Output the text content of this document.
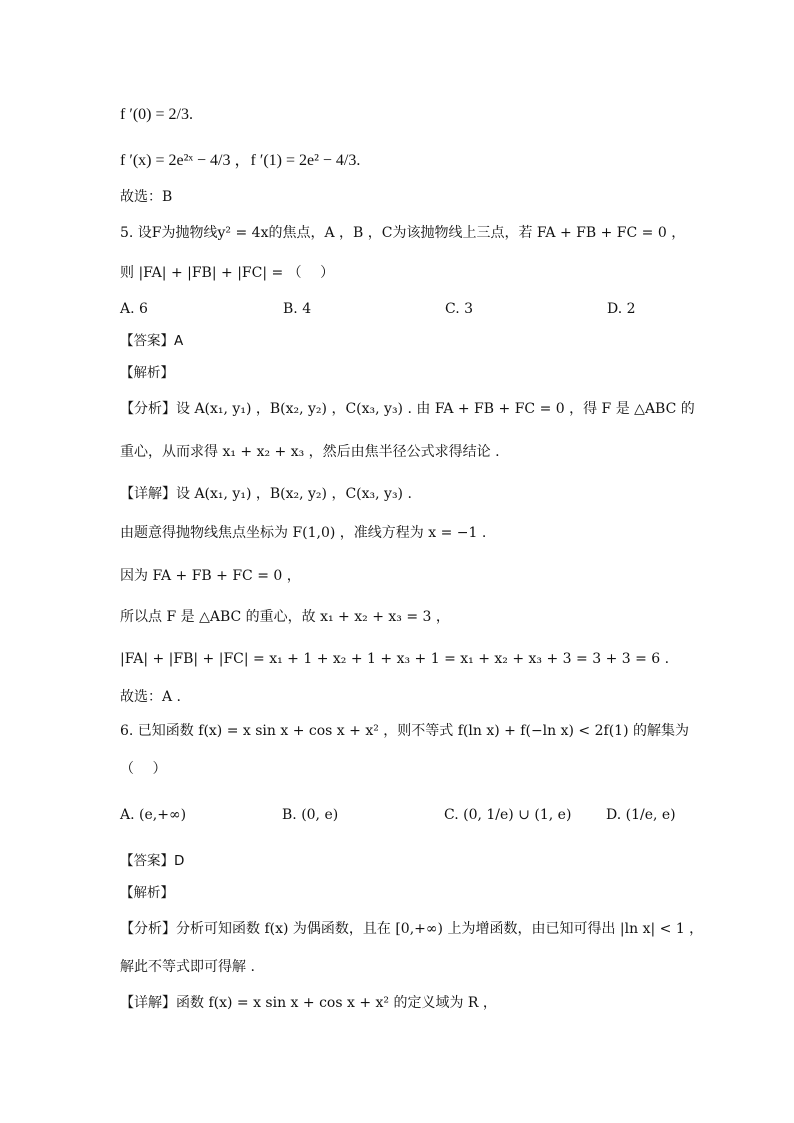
f ′(0) = 2/3.
f ′(x) = 2e²ˣ − 4/3 ，f ′(1) = 2e² − 4/3.
故选：B
5. 设F为抛物线y² = 4x的焦点，A ，B ，C为该抛物线上三点，若 FA + FB + FC = 0 ，
则 |FA| + |FB| + |FC| = （　 ）
A. 6	B. 4	C. 3	D. 2
【答案】A
【解析】
【分析】设 A(x₁, y₁) ，B(x₂, y₂) ，C(x₃, y₃) . 由 FA + FB + FC = 0 ，得 F 是 △ABC 的
重心，从而求得 x₁ + x₂ + x₃ ，然后由焦半径公式求得结论 .
【详解】设 A(x₁, y₁) ，B(x₂, y₂) ，C(x₃, y₃) .
由题意得抛物线焦点坐标为 F(1,0) ，准线方程为 x = −1 .
因为 FA + FB + FC = 0 ，
所以点 F 是 △ABC 的重心，故 x₁ + x₂ + x₃ = 3 ，
|FA| + |FB| + |FC| = x₁ + 1 + x₂ + 1 + x₃ + 1 = x₁ + x₂ + x₃ + 3 = 3 + 3 = 6 .
故选：A .
6. 已知函数 f(x) = x sin x + cos x + x² ，则不等式 f(ln x) + f(−ln x) < 2f(1) 的解集为
（　 ）
A. (e,+∞)	B. (0, e)	C. (0, 1/e) ∪ (1, e) D. (1/e, e)
【答案】D
【解析】
【分析】分析可知函数 f(x) 为偶函数，且在 [0,+∞) 上为增函数，由已知可得出 |ln x| < 1 ，
解此不等式即可得解 .
【详解】函数 f(x) = x sin x + cos x + x² 的定义域为 R ，
